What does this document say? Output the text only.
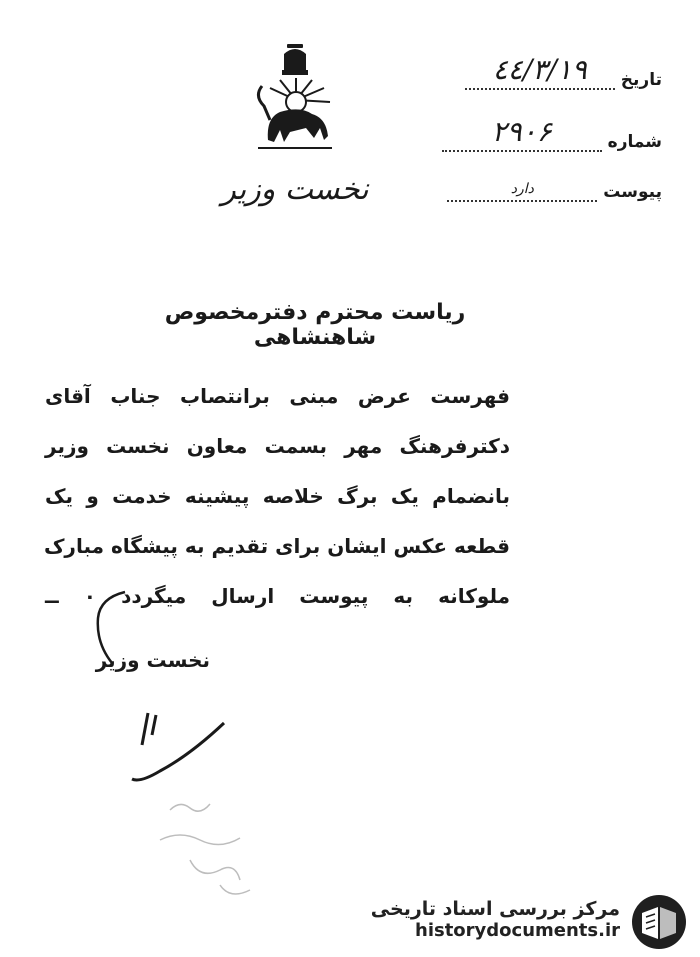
نخست وزیر
تاریخ
٤٤/٣/١٩
شماره
۲۹۰۶
پیوست
دارد
ریاست محترم دفترمخصوص شاهنشاهی
فهرست عرض مبنی برانتصاب جناب آقای
دکترفرهنگ مهر بسمت معاون نخست وزیر
بانضمام یک برگ خلاصه پیشینه خدمت و یک
قطعه عکس ایشان برای تقدیم به پیشگاه مبارک
ملوکانه به پیوست ارسال میگردد ۰ ــ
نخست وزیر
مرکز بررسی اسناد تاریخی
historydocuments.ir
